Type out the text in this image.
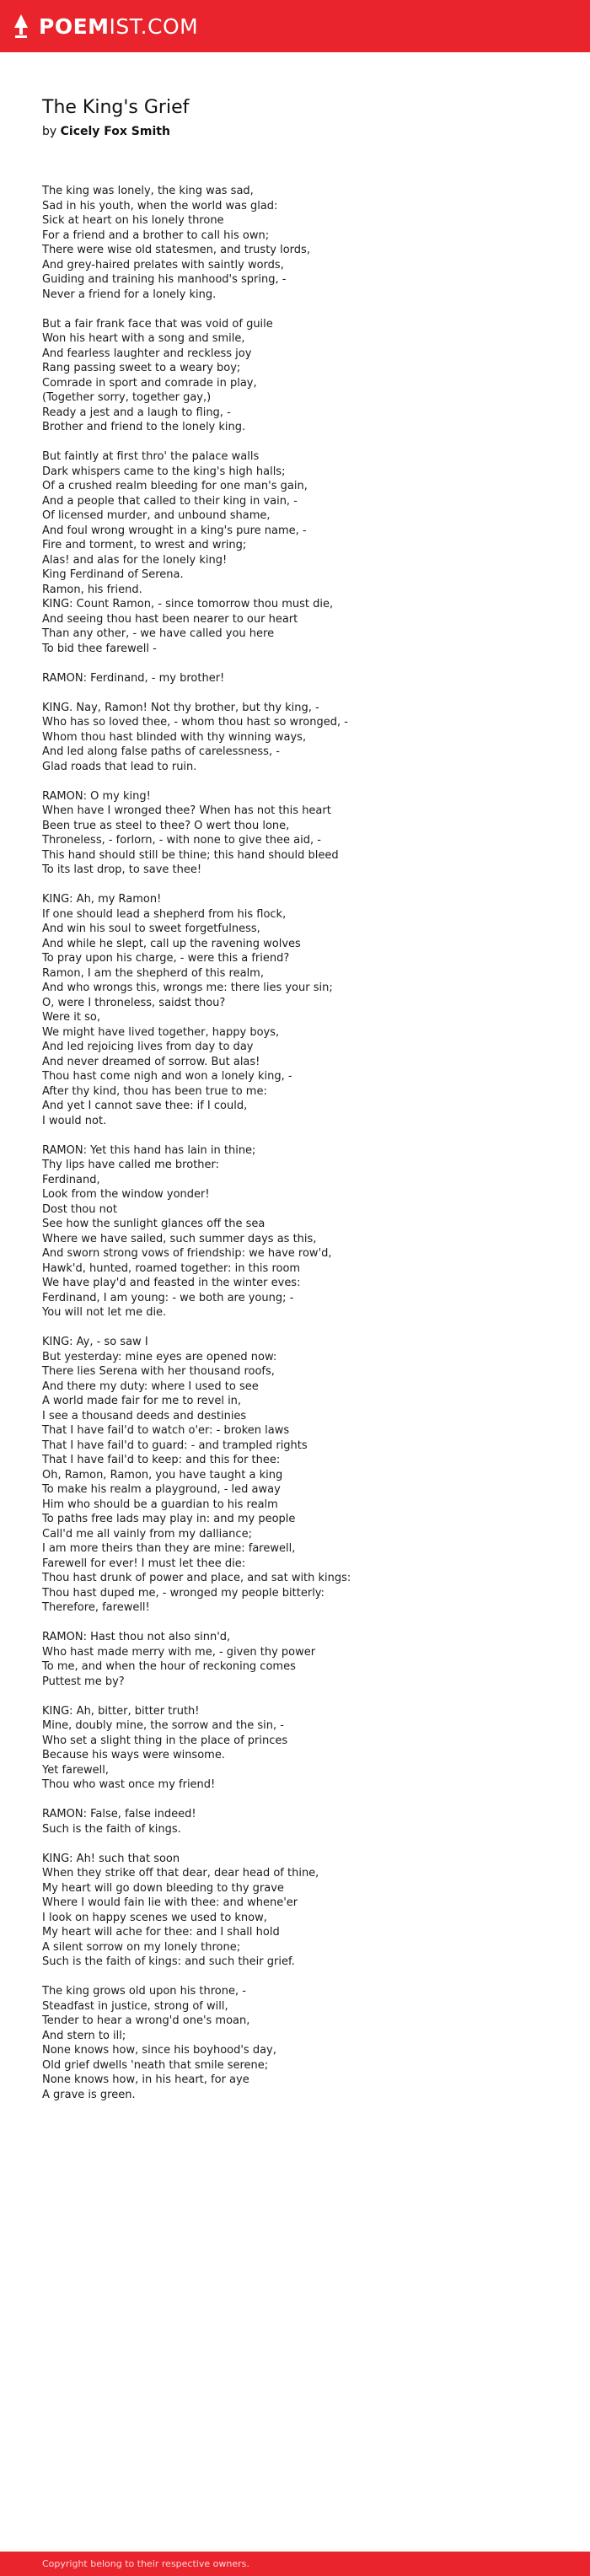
POEMIST.COM
The King's Grief
by Cicely Fox Smith
The king was lonely, the king was sad,
Sad in his youth, when the world was glad:
Sick at heart on his lonely throne
For a friend and a brother to call his own;
There were wise old statesmen, and trusty lords,
And grey-haired prelates with saintly words,
Guiding and training his manhood's spring, -
Never a friend for a lonely king.
But a fair frank face that was void of guile
Won his heart with a song and smile,
And fearless laughter and reckless joy
Rang passing sweet to a weary boy;
Comrade in sport and comrade in play,
(Together sorry, together gay,)
Ready a jest and a laugh to fling, -
Brother and friend to the lonely king.
But faintly at first thro' the palace walls
Dark whispers came to the king's high halls;
Of a crushed realm bleeding for one man's gain,
And a people that called to their king in vain, -
Of licensed murder, and unbound shame,
And foul wrong wrought in a king's pure name, -
Fire and torment, to wrest and wring;
Alas! and alas for the lonely king!
King Ferdinand of Serena.
Ramon, his friend.
KING: Count Ramon, - since tomorrow thou must die,
And seeing thou hast been nearer to our heart
Than any other, - we have called you here
To bid thee farewell -
RAMON: Ferdinand, - my brother!
KING. Nay, Ramon! Not thy brother, but thy king, -
Who has so loved thee, - whom thou hast so wronged, -
Whom thou hast blinded with thy winning ways,
And led along false paths of carelessness, -
Glad roads that lead to ruin.
RAMON: O my king!
When have I wronged thee? When has not this heart
Been true as steel to thee? O wert thou lone,
Throneless, - forlorn, - with none to give thee aid, -
This hand should still be thine; this hand should bleed
To its last drop, to save thee!
KING: Ah, my Ramon!
If one should lead a shepherd from his flock,
And win his soul to sweet forgetfulness,
And while he slept, call up the ravening wolves
To pray upon his charge, - were this a friend?
Ramon, I am the shepherd of this realm,
And who wrongs this, wrongs me: there lies your sin;
O, were I throneless, saidst thou?
Were it so,
We might have lived together, happy boys,
And led rejoicing lives from day to day
And never dreamed of sorrow. But alas!
Thou hast come nigh and won a lonely king, -
After thy kind, thou has been true to me:
And yet I cannot save thee: if I could,
I would not.
RAMON: Yet this hand has lain in thine;
Thy lips have called me brother:
Ferdinand,
Look from the window yonder!
Dost thou not
See how the sunlight glances off the sea
Where we have sailed, such summer days as this,
And sworn strong vows of friendship: we have row'd,
Hawk'd, hunted, roamed together: in this room
We have play'd and feasted in the winter eves:
Ferdinand, I am young: - we both are young; -
You will not let me die.
KING: Ay, - so saw I
But yesterday: mine eyes are opened now:
There lies Serena with her thousand roofs,
And there my duty: where I used to see
A world made fair for me to revel in,
I see a thousand deeds and destinies
That I have fail'd to watch o'er: - broken laws
That I have fail'd to guard: - and trampled rights
That I have fail'd to keep: and this for thee:
Oh, Ramon, Ramon, you have taught a king
To make his realm a playground, - led away
Him who should be a guardian to his realm
To paths free lads may play in: and my people
Call'd me all vainly from my dalliance;
I am more theirs than they are mine: farewell,
Farewell for ever! I must let thee die:
Thou hast drunk of power and place, and sat with kings:
Thou hast duped me, - wronged my people bitterly:
Therefore, farewell!
RAMON: Hast thou not also sinn'd,
Who hast made merry with me, - given thy power
To me, and when the hour of reckoning comes
Puttest me by?
KING: Ah, bitter, bitter truth!
Mine, doubly mine, the sorrow and the sin, -
Who set a slight thing in the place of princes
Because his ways were winsome.
Yet farewell,
Thou who wast once my friend!
RAMON: False, false indeed!
Such is the faith of kings.
KING: Ah! such that soon
When they strike off that dear, dear head of thine,
My heart will go down bleeding to thy grave
Where I would fain lie with thee: and whene'er
I look on happy scenes we used to know,
My heart will ache for thee: and I shall hold
A silent sorrow on my lonely throne;
Such is the faith of kings: and such their grief.
The king grows old upon his throne, -
Steadfast in justice, strong of will,
Tender to hear a wrong'd one's moan,
And stern to ill;
None knows how, since his boyhood's day,
Old grief dwells 'neath that smile serene;
None knows how, in his heart, for aye
A grave is green.
Copyright belong to their respective owners.
